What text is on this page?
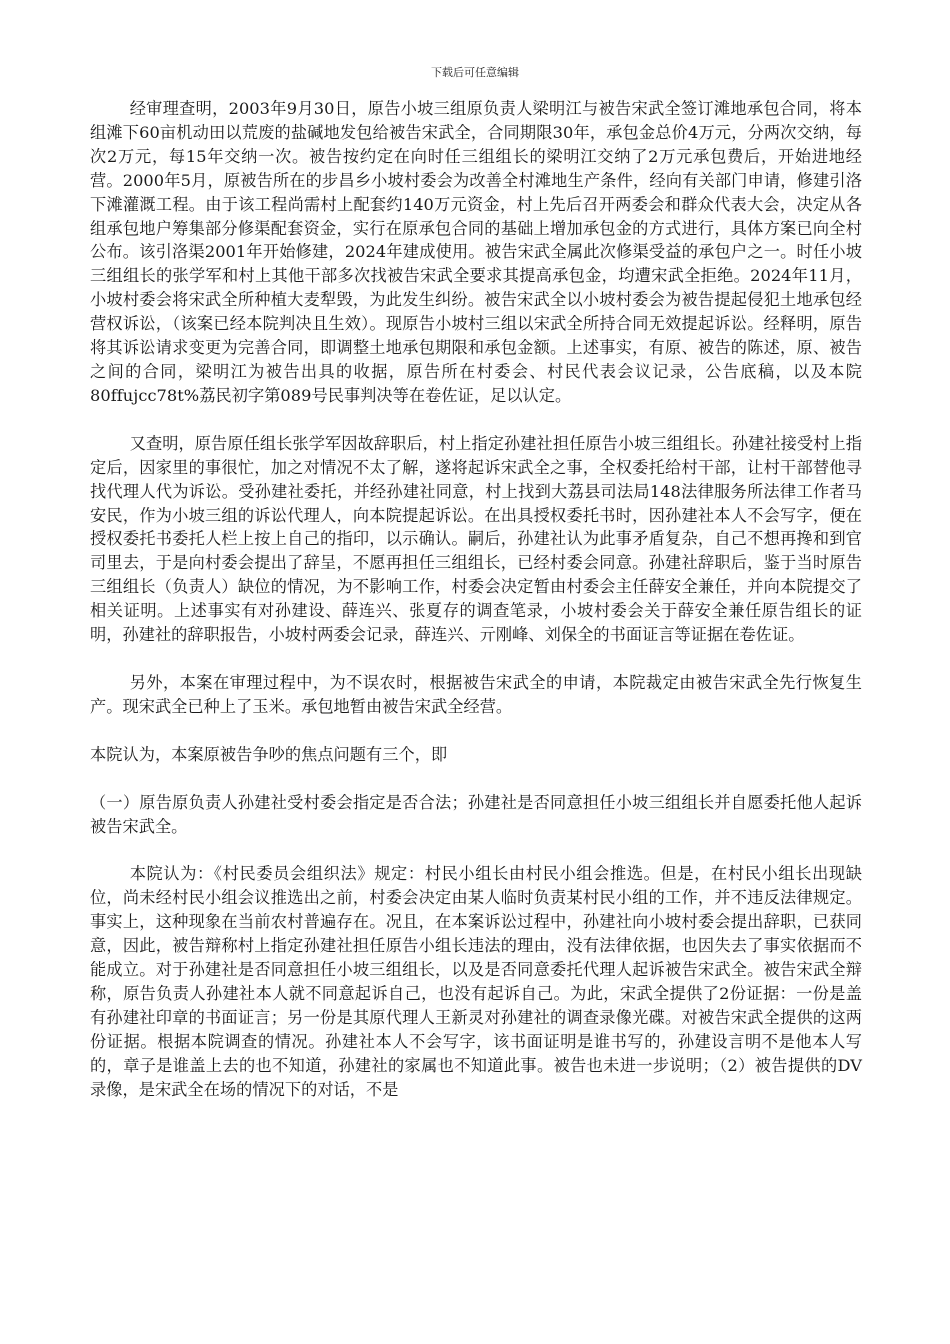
下载后可任意编辑

经审理查明，2003年9月30日，原告小坡三组原负责人梁明江与被告宋武全签订滩地承包合同，将本组滩下60亩机动田以荒废的盐碱地发包给被告宋武全，合同期限30年，承包金总价4万元，分两次交纳，每次2万元，每15年交纳一次。被告按约定在向时任三组组长的梁明江交纳了2万元承包费后，开始进地经营。2000年5月，原被告所在的步昌乡小坡村委会为改善全村滩地生产条件，经向有关部门申请，修建引洛下滩灌溉工程。由于该工程尚需村上配套约140万元资金，村上先后召开两委会和群众代表大会，决定从各组承包地户筹集部分修渠配套资金，实行在原承包合同的基础上增加承包金的方式进行，具体方案已向全村公布。该引洛渠2001年开始修建，2024年建成使用。被告宋武全属此次修渠受益的承包户之一。时任小坡三组组长的张学军和村上其他干部多次找被告宋武全要求其提高承包金，均遭宋武全拒绝。2024年11月，小坡村委会将宋武全所种植大麦犁毁，为此发生纠纷。被告宋武全以小坡村委会为被告提起侵犯土地承包经营权诉讼，（该案已经本院判决且生效）。现原告小坡村三组以宋武全所持合同无效提起诉讼。经释明，原告将其诉讼请求变更为完善合同，即调整土地承包期限和承包金额。上述事实，有原、被告的陈述，原、被告之间的合同，梁明江为被告出具的收据，原告所在村委会、村民代表会议记录，公告底稿，以及本院80ffujcc78t%荔民初字第089号民事判决等在卷佐证，足以认定。

又查明，原告原任组长张学军因故辞职后，村上指定孙建社担任原告小坡三组组长。孙建社接受村上指定后，因家里的事很忙，加之对情况不太了解，遂将起诉宋武全之事，全权委托给村干部，让村干部替他寻找代理人代为诉讼。受孙建社委托，并经孙建社同意，村上找到大荔县司法局148法律服务所法律工作者马安民，作为小坡三组的诉讼代理人，向本院提起诉讼。在出具授权委托书时，因孙建社本人不会写字，便在授权委托书委托人栏上按上自己的指印，以示确认。嗣后，孙建社认为此事矛盾复杂，自己不想再搀和到官司里去，于是向村委会提出了辞呈，不愿再担任三组组长，已经村委会同意。孙建社辞职后，鉴于当时原告三组组长（负责人）缺位的情况，为不影响工作，村委会决定暂由村委会主任薛安全兼任，并向本院提交了相关证明。上述事实有对孙建设、薛连兴、张夏存的调查笔录，小坡村委会关于薛安全兼任原告组长的证明，孙建社的辞职报告，小坡村两委会记录，薛连兴、亓刚峰、刘保全的书面证言等证据在卷佐证。

另外，本案在审理过程中，为不误农时，根据被告宋武全的申请，本院裁定由被告宋武全先行恢复生产。现宋武全已种上了玉米。承包地暂由被告宋武全经营。

本院认为，本案原被告争吵的焦点问题有三个，即

（一）原告原负责人孙建社受村委会指定是否合法；孙建社是否同意担任小坡三组组长并自愿委托他人起诉被告宋武全。

本院认为：《村民委员会组织法》规定：村民小组长由村民小组会推选。但是，在村民小组长出现缺位，尚未经村民小组会议推选出之前，村委会决定由某人临时负责某村民小组的工作，并不违反法律规定。事实上，这种现象在当前农村普遍存在。况且，在本案诉讼过程中，孙建社向小坡村委会提出辞职，已获同意，因此，被告辩称村上指定孙建社担任原告小组长违法的理由，没有法律依据，也因失去了事实依据而不能成立。对于孙建社是否同意担任小坡三组组长，以及是否同意委托代理人起诉被告宋武全。被告宋武全辩称，原告负责人孙建社本人就不同意起诉自己，也没有起诉自己。为此，宋武全提供了2份证据：一份是盖有孙建社印章的书面证言；另一份是其原代理人王新灵对孙建社的调查录像光碟。对被告宋武全提供的这两份证据。根据本院调查的情况。孙建社本人不会写字，该书面证明是谁书写的，孙建设言明不是他本人写的，章子是谁盖上去的也不知道，孙建社的家属也不知道此事。被告也未进一步说明；（2）被告提供的DV录像，是宋武全在场的情况下的对话，不是
